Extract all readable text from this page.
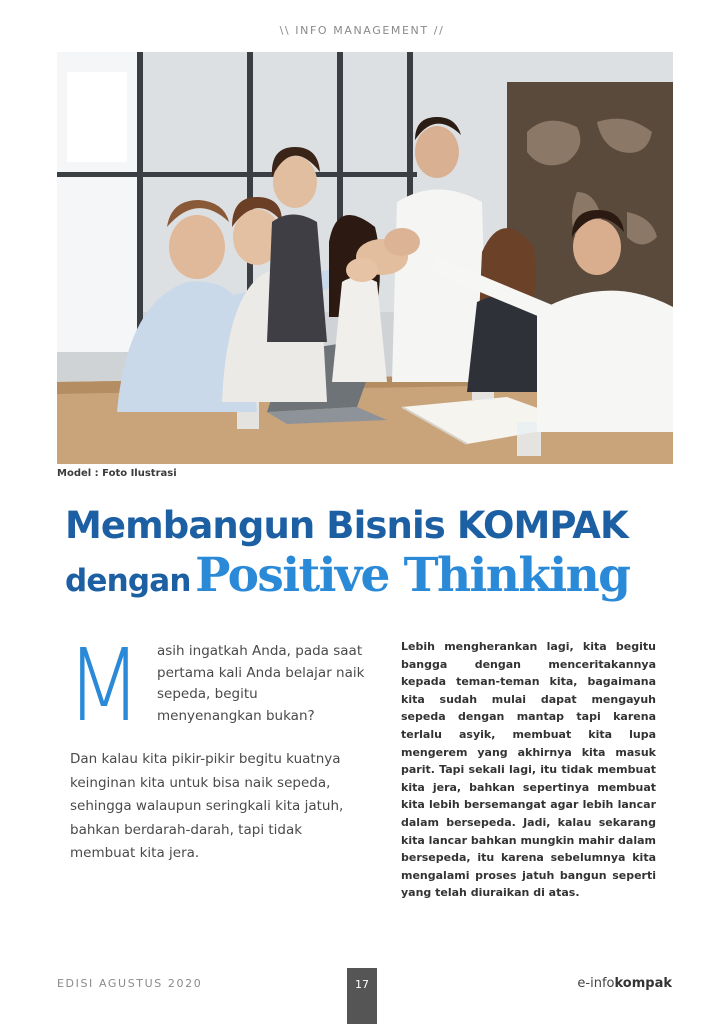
\\ INFO MANAGEMENT //
Model : Foto Ilustrasi
Membangun Bisnis KOMPAK
dengan Positive Thinking
M asih ingatkah Anda, pada saat pertama kali Anda belajar naik sepeda, begitu menyenangkan bukan?

Dan kalau kita pikir-pikir begitu kuatnya keinginan kita untuk bisa naik sepeda, sehingga walaupun seringkali kita jatuh, bahkan berdarah-darah, tapi tidak membuat kita jera.

Lebih mengherankan lagi, kita begitu bangga dengan menceritakannya kepada teman-teman kita, bagaimana kita sudah mulai dapat mengayuh sepeda dengan mantap tapi karena terlalu asyik, membuat kita lupa mengerem yang akhirnya kita masuk parit. Tapi sekali lagi, itu tidak membuat kita jera, bahkan sepertinya membuat kita lebih bersemangat agar lebih lancar dalam bersepeda. Jadi, kalau sekarang kita lancar bahkan mungkin mahir dalam bersepeda, itu karena sebelumnya kita mengalami proses jatuh bangun seperti yang telah diuraikan di atas.

EDISI AGUSTUS 2020	17	e-infokompak
